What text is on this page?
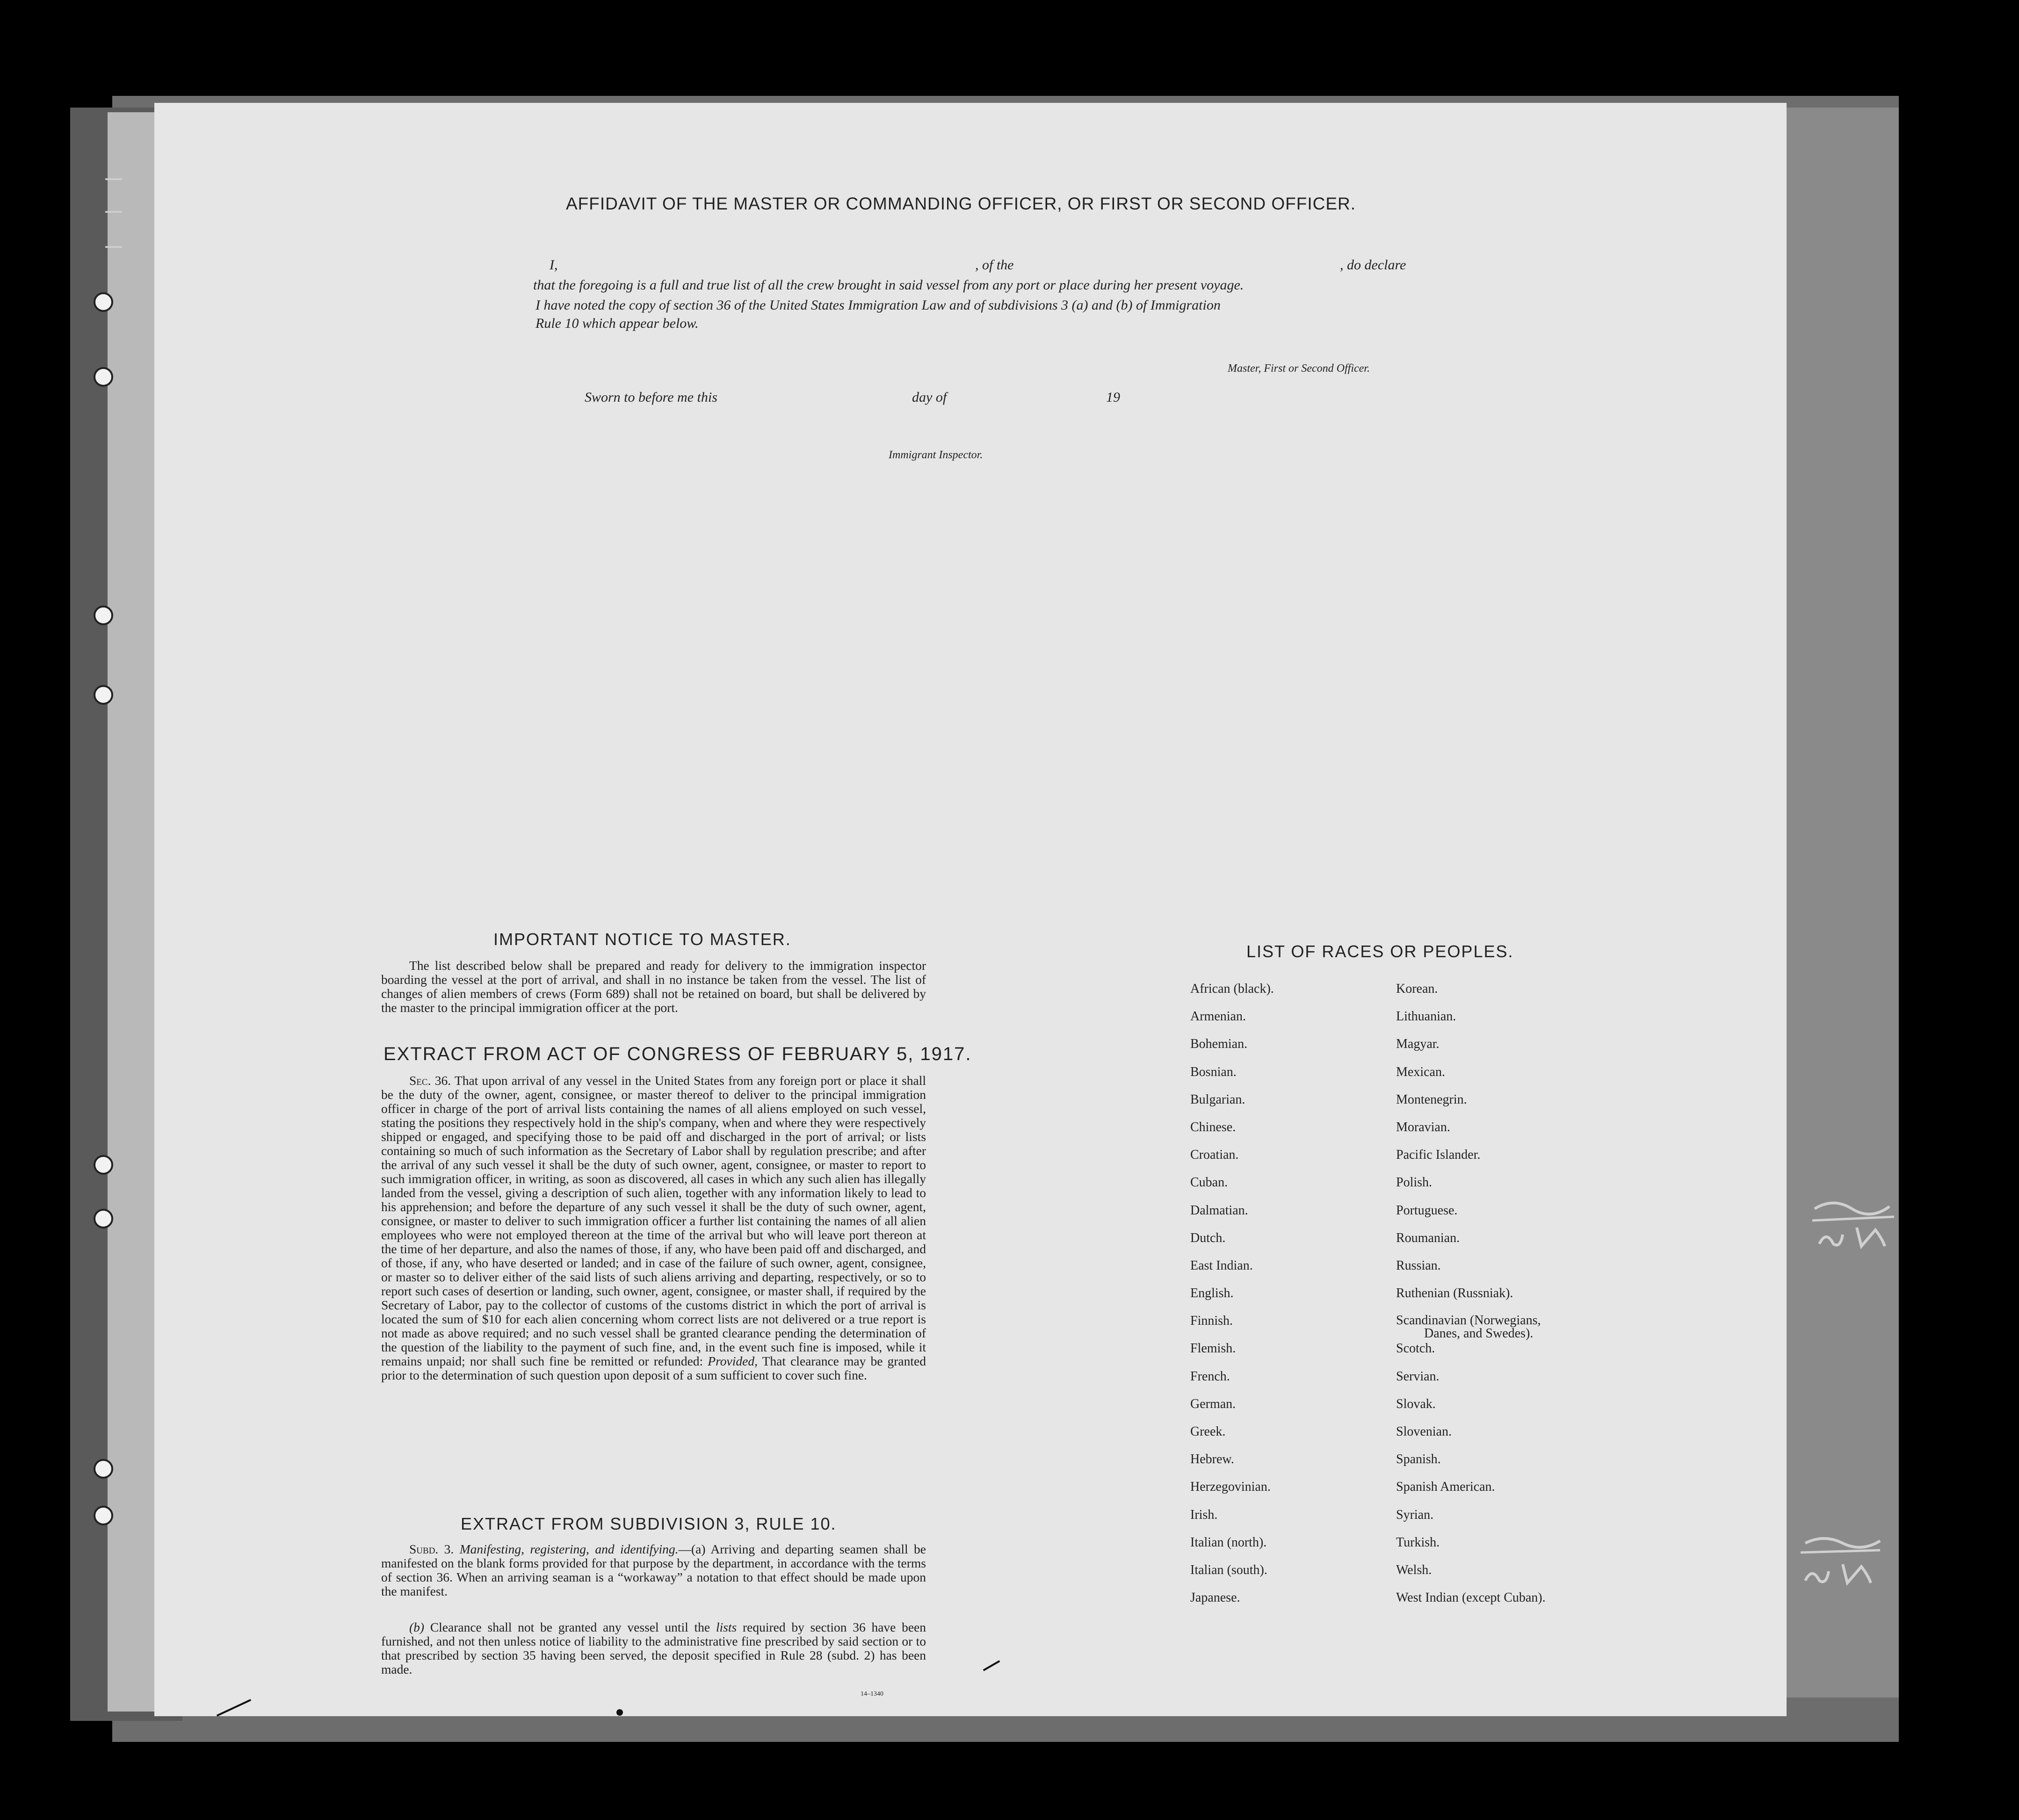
—
—
—
AFFIDAVIT OF THE MASTER OR COMMANDING OFFICER, OR FIRST OR SECOND OFFICER.
I,	, of the	, do declare
that the foregoing is a full and true list of all the crew brought in said vessel from any port or place during her present voyage.
I have noted the copy of section 36 of the United States Immigration Law and of subdivisions 3 (a) and (b) of Immigration
Rule 10 which appear below.
Master, First or Second Officer.
Sworn to before me this	day of	19
Immigrant Inspector.
IMPORTANT NOTICE TO MASTER.
The list described below shall be prepared and ready for delivery to the immigration inspector boarding the vessel at the port of arrival, and shall in no instance be taken from the vessel. The list of changes of alien members of crews (Form 689) shall not be retained on board, but shall be delivered by the master to the principal immigration officer at the port.
EXTRACT FROM ACT OF CONGRESS OF FEBRUARY 5, 1917.
Sec. 36. That upon arrival of any vessel in the United States from any foreign port or place it shall be the duty of the owner, agent, consignee, or master thereof to deliver to the principal immigration officer in charge of the port of arrival lists containing the names of all aliens employed on such vessel, stating the positions they respectively hold in the ship's company, when and where they were respectively shipped or engaged, and specifying those to be paid off and discharged in the port of arrival; or lists containing so much of such information as the Secretary of Labor shall by regulation prescribe; and after the arrival of any such vessel it shall be the duty of such owner, agent, consignee, or master to report to such immigration officer, in writing, as soon as discovered, all cases in which any such alien has illegally landed from the vessel, giving a description of such alien, together with any information likely to lead to his apprehension; and before the departure of any such vessel it shall be the duty of such owner, agent, consignee, or master to deliver to such immigration officer a further list containing the names of all alien employees who were not employed thereon at the time of the arrival but who will leave port thereon at the time of her departure, and also the names of those, if any, who have been paid off and discharged, and of those, if any, who have deserted or landed; and in case of the failure of such owner, agent, consignee, or master so to deliver either of the said lists of such aliens arriving and departing, respectively, or so to report such cases of desertion or landing, such owner, agent, consignee, or master shall, if required by the Secretary of Labor, pay to the collector of customs of the customs district in which the port of arrival is located the sum of $10 for each alien concerning whom correct lists are not delivered or a true report is not made as above required; and no such vessel shall be granted clearance pending the determination of the question of the liability to the payment of such fine, and, in the event such fine is imposed, while it remains unpaid; nor shall such fine be remitted or refunded: Provided, That clearance may be granted prior to the determination of such question upon deposit of a sum sufficient to cover such fine.
EXTRACT FROM SUBDIVISION 3, RULE 10.
Subd. 3. Manifesting, registering, and identifying.—(a) Arriving and departing seamen shall be manifested on the blank forms provided for that purpose by the department, in accordance with the terms of section 36. When an arriving seaman is a “workaway” a notation to that effect should be made upon the manifest.
(b) Clearance shall not be granted any vessel until the lists required by section 36 have been furnished, and not then unless notice of liability to the administrative fine prescribed by said section or to that prescribed by section 35 having been served, the deposit specified in Rule 28 (subd. 2) has been made.
14–1340
LIST OF RACES OR PEOPLES.
African (black).
Armenian.
Bohemian.
Bosnian.
Bulgarian.
Chinese.
Croatian.
Cuban.
Dalmatian.
Dutch.
East Indian.
English.
Finnish.
Flemish.
French.
German.
Greek.
Hebrew.
Herzegovinian.
Irish.
Italian (north).
Italian (south).
Japanese.
Korean.
Lithuanian.
Magyar.
Mexican.
Montenegrin.
Moravian.
Pacific Islander.
Polish.
Portuguese.
Roumanian.
Russian.
Ruthenian (Russniak).
Scandinavian (Norwegians,
Danes, and Swedes).
Scotch.
Servian.
Slovak.
Slovenian.
Spanish.
Spanish American.
Syrian.
Turkish.
Welsh.
West Indian (except Cuban).
